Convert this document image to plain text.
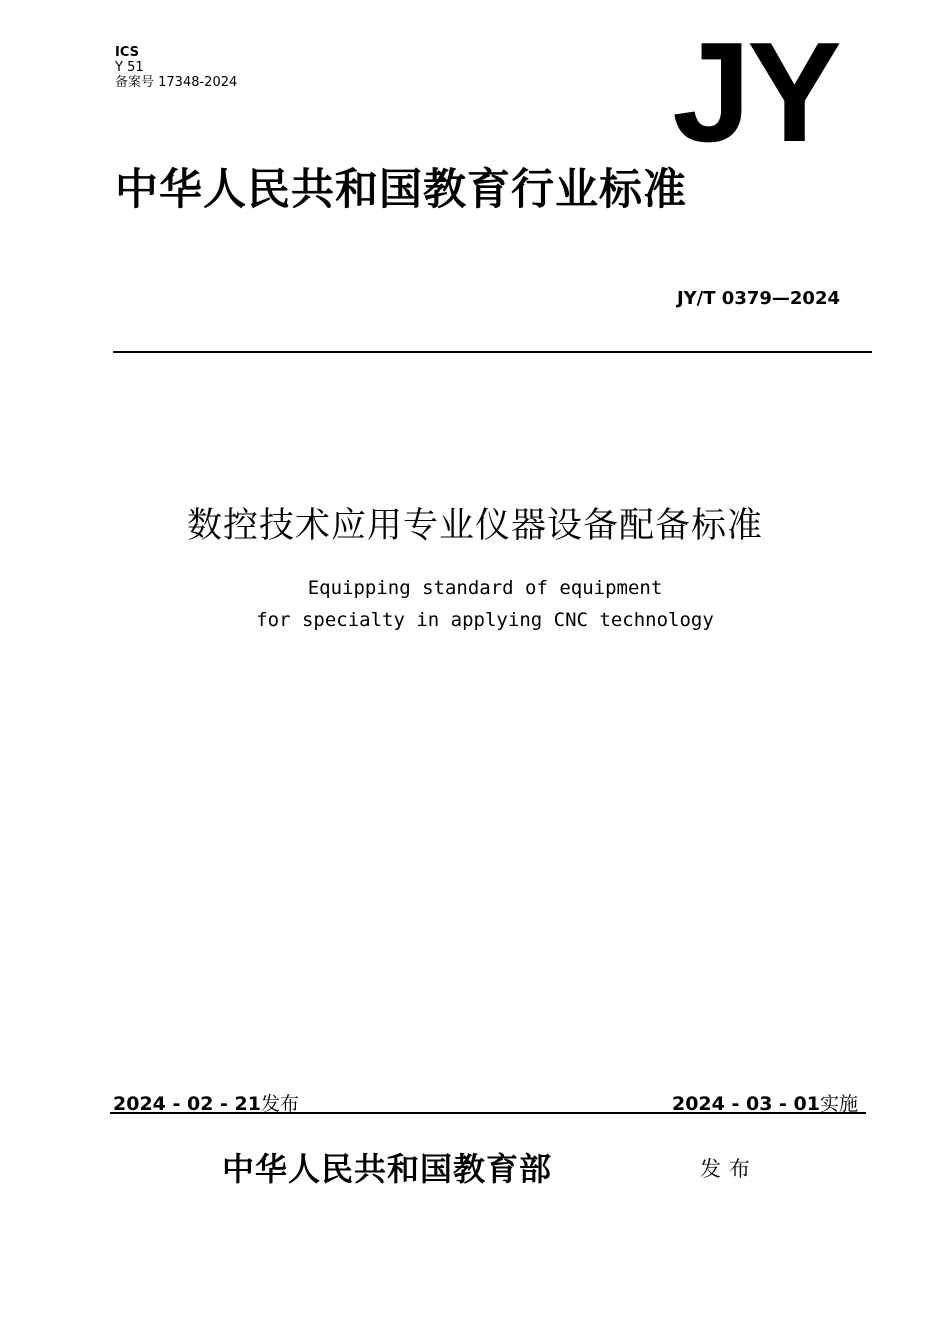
ICS
Y 51
备案号 17348-2024	JY
中华人民共和国教育行业标准
JY/T 0379—2024
数控技术应用专业仪器设备配备标准
Equipping standard of equipment
for specialty in applying CNC technology
2024 - 02 - 21发布	2024 - 03 - 01实施
中华人民共和国教育部	发布
